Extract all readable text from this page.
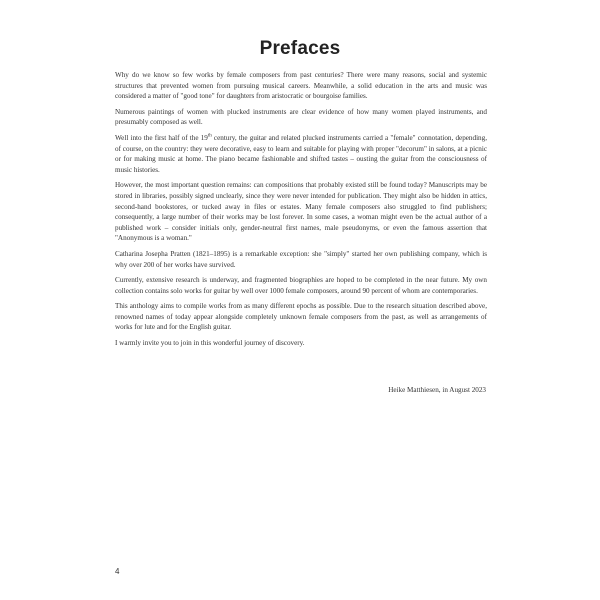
Prefaces

Why do we know so few works by female composers from past centuries? There were many reasons, social and systemic structures that prevented women from pursuing musical careers. Meanwhile, a solid education in the arts and music was considered a matter of "good tone" for daughters from aristocratic or bourgoise families.

Numerous paintings of women with plucked instruments are clear evidence of how many women played instruments, and presumably composed as well.

Well into the first half of the 19th century, the guitar and related plucked instruments carried a "female" connotation, depending, of course, on the country: they were decorative, easy to learn and suitable for playing with proper "decorum" in salons, at a picnic or for making music at home. The piano became fashionable and shifted tastes – ousting the guitar from the consciousness of music histories.

However, the most important question remains: can compositions that probably existed still be found today? Manuscripts may be stored in libraries, possibly signed unclearly, since they were never intended for publication. They might also be hidden in attics, second-hand bookstores, or tucked away in files or estates. Many female composers also struggled to find publishers; consequently, a large number of their works may be lost forever. In some cases, a woman might even be the actual author of a published work – consider initials only, gender-neutral first names, male pseudonyms, or even the famous assertion that "Anonymous is a woman."

Catharina Josepha Pratten (1821–1895) is a remarkable exception: she "simply" started her own publishing company, which is why over 200 of her works have survived.

Currently, extensive research is underway, and fragmented biographies are hoped to be completed in the near future. My own collection contains solo works for guitar by well over 1000 female composers, around 90 percent of whom are contemporaries.

This anthology aims to compile works from as many different epochs as possible. Due to the research situation described above, renowned names of today appear alongside completely unknown female composers from the past, as well as arrangements of works for lute and for the English guitar.

I warmly invite you to join in this wonderful journey of discovery.

Heike Matthiesen, in August 2023
4
